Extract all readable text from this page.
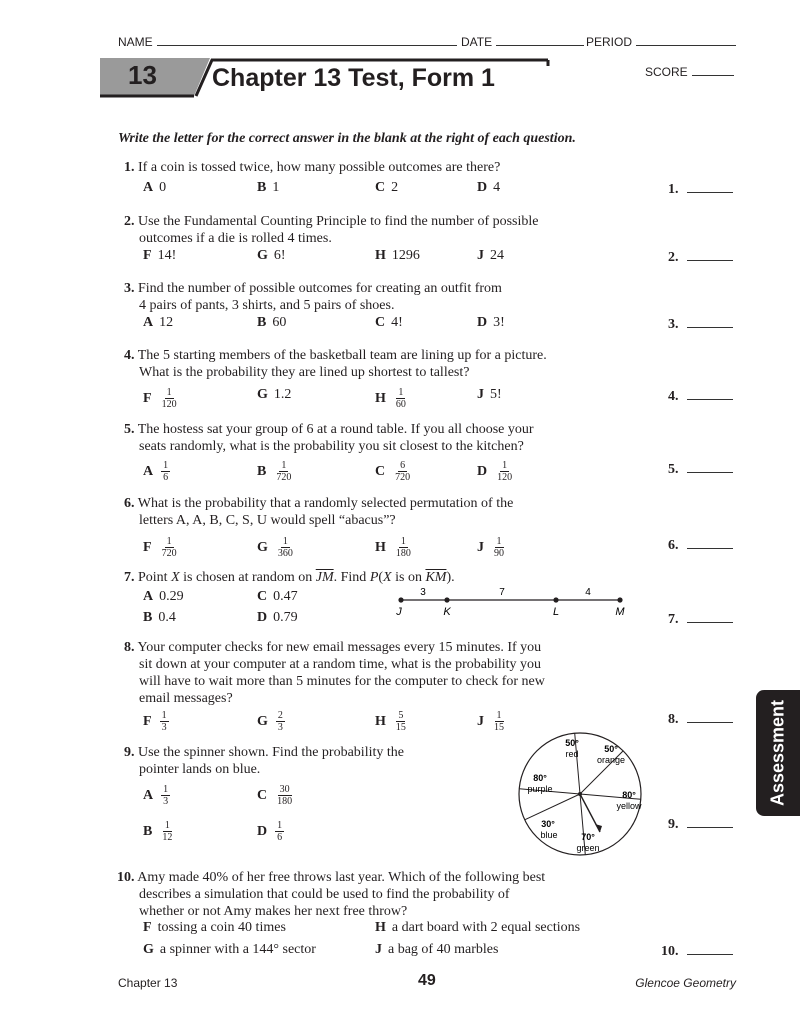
NAME	DATE	PERIOD
13 Chapter 13 Test, Form 1	SCORE
Write the letter for the correct answer in the blank at the right of each question.
1. If a coin is tossed twice, how many possible outcomes are there?
A 0	B 1	C 2	D 4	1.
2. Use the Fundamental Counting Principle to find the number of possible
outcomes if a die is rolled 4 times.
F 14!	G 6!	H 1296	J 24	2.
3. Find the number of possible outcomes for creating an outfit from
4 pairs of pants, 3 shirts, and 5 pairs of shoes.
A 12	B 60	C 4!	D 3!	3.
4. The 5 starting members of the basketball team are lining up for a picture.
What is the probability they are lined up shortest to tallest?
F $\frac{1}{120}$	G 1.2	H $\frac{1}{60}$	J 5!	4.
5. The hostess sat your group of 6 at a round table. If you all choose your
seats randomly, what is the probability you sit closest to the kitchen?
A $\frac{1}{6}$	B $\frac{1}{720}$	C $\frac{6}{720}$	D $\frac{1}{120}$	5.
6. What is the probability that a randomly selected permutation of the
letters A, A, B, C, S, U would spell “abacus”?
F $\frac{1}{720}$	G $\frac{1}{360}$	H $\frac{1}{180}$	J $\frac{1}{90}$	6.
7. Point X is chosen at random on $\overline{JM}$. Find P(X is on $\overline{KM}$).
A 0.29	C 0.47
B 0.4	D 0.79	7.
3	7	4
J	K	L	M
8. Your computer checks for new email messages every 15 minutes. If you
sit down at your computer at a random time, what is the probability you
will have to wait more than 5 minutes for the computer to check for new
email messages?
F $\frac{1}{3}$	G $\frac{2}{3}$	H $\frac{5}{15}$	J $\frac{1}{15}$	8.
9. Use the spinner shown. Find the probability the
pointer lands on blue.
A $\frac{1}{3}$	C $\frac{30}{180}$
B $\frac{1}{12}$	D $\frac{1}{6}$	9.
50°
red	50°
orange
80°
yellow
70°
green
30°
blue
80°
purple
10. Amy made 40% of her free throws last year. Which of the following best
describes a simulation that could be used to find the probability of
whether or not Amy makes her next free throw?
F tossing a coin 40 times	H a dart board with 2 equal sections
G a spinner with a 144° sector	J a bag of 40 marbles	10.
Assessment
Chapter 13	49	Glencoe Geometry
